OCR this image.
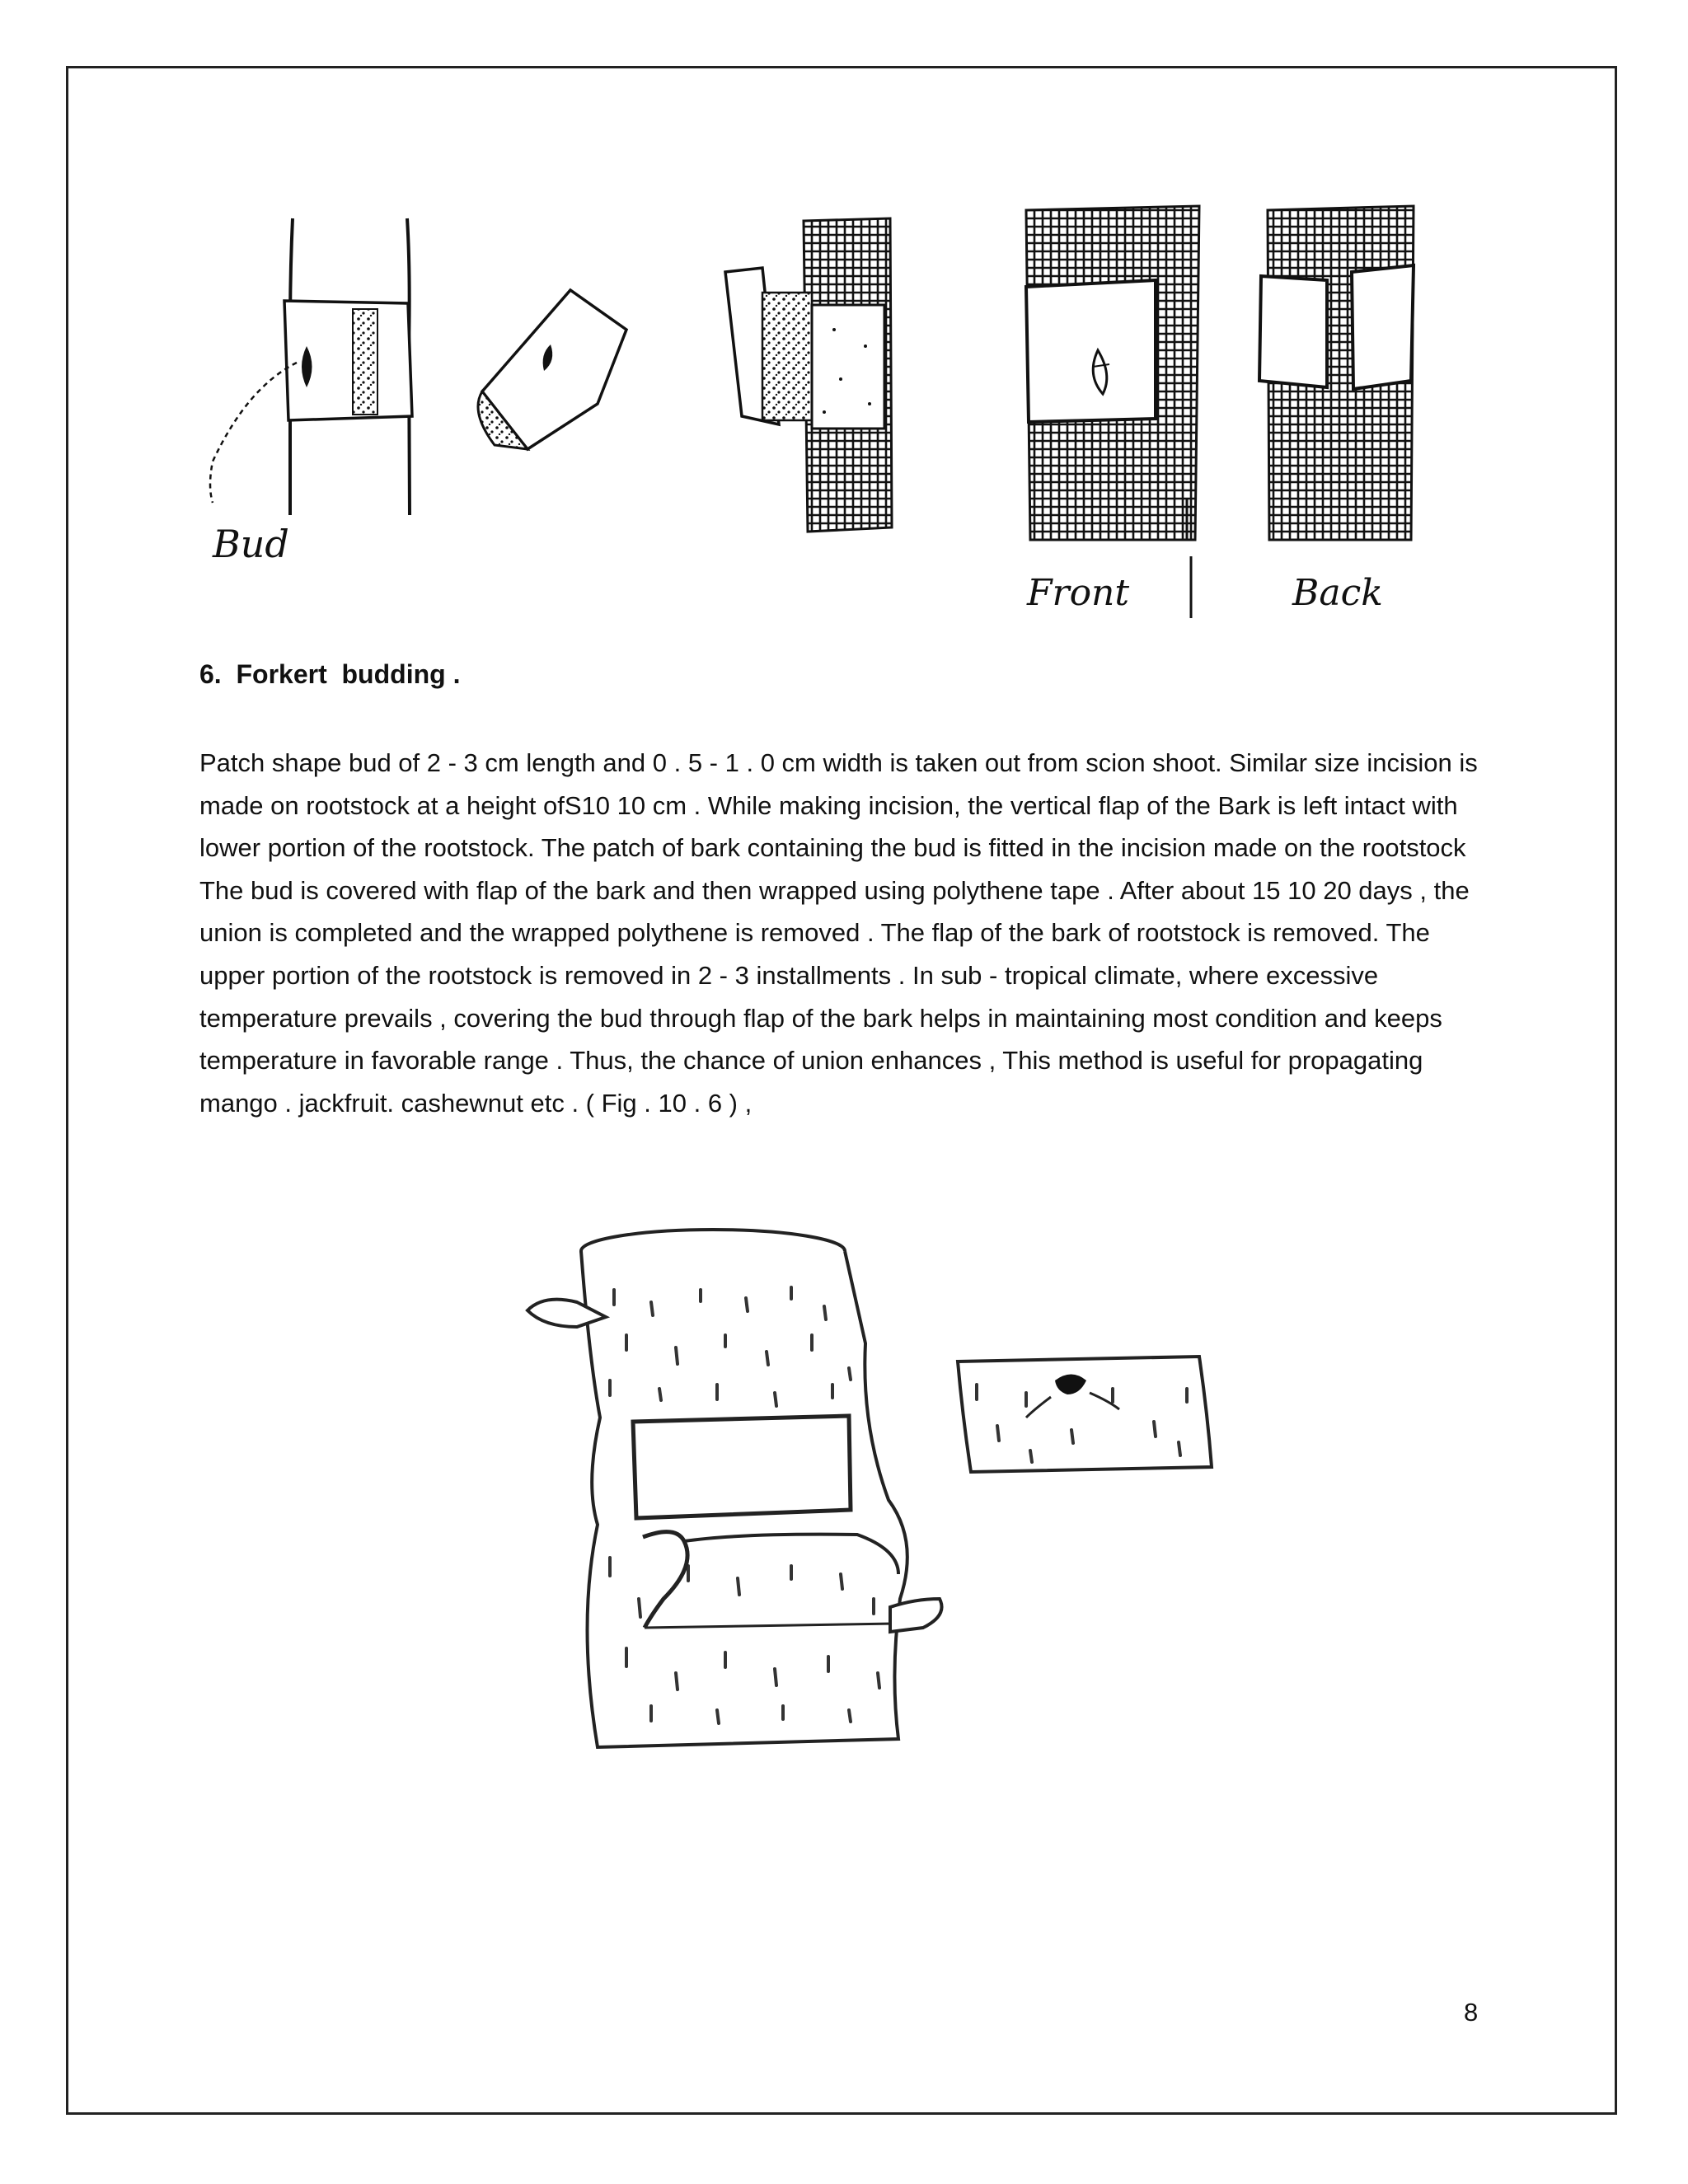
Bud
Front	Back
6.  Forkert  budding .

Patch shape bud of 2 - 3 cm length and 0 . 5 - 1 . 0 cm width is taken out from scion shoot. Similar size incision is made on rootstock at a height ofS10 10 cm . While making incision, the vertical flap of the Bark is left intact with lower portion of the rootstock. The patch of bark containing the bud is fitted in the incision made on the rootstock The bud is covered with flap of the bark and then wrapped using polythene tape . After about 15 10 20 days , the union is completed and the wrapped polythene is removed . The flap of the bark of rootstock is removed. The upper portion of the rootstock is removed in 2 - 3 installments . In sub - tropical climate, where excessive temperature prevails , covering the bud through flap of the bark helps in maintaining most condition and keeps temperature in favorable range . Thus, the chance of union enhances , This method is useful for propagating mango . jackfruit. cashewnut etc . ( Fig . 10 . 6 ) ,

8
